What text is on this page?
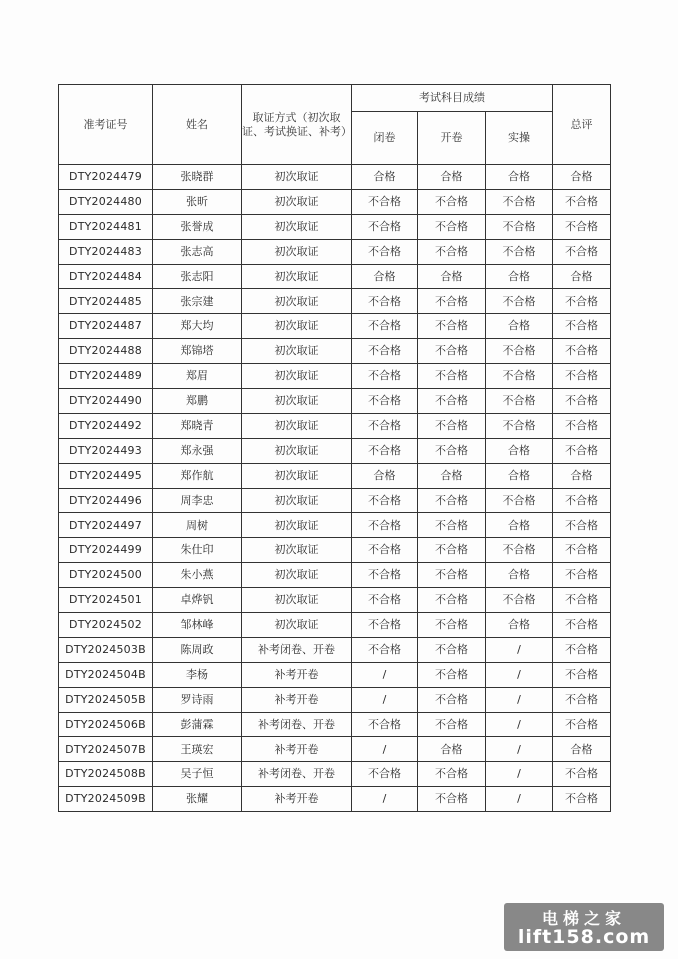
准考证号	姓名	取证方式（初次取证、考试换证、补考）	考试科目成绩			总评
			闭卷	开卷	实操	
DTY2024479	张晓群	初次取证	合格	合格	合格	合格
DTY2024480	张昕	初次取证	不合格	不合格	不合格	不合格
DTY2024481	张誉成	初次取证	不合格	不合格	不合格	不合格
DTY2024483	张志高	初次取证	不合格	不合格	不合格	不合格
DTY2024484	张志阳	初次取证	合格	合格	合格	合格
DTY2024485	张宗建	初次取证	不合格	不合格	不合格	不合格
DTY2024487	郑大均	初次取证	不合格	不合格	合格	不合格
DTY2024488	郑锦塔	初次取证	不合格	不合格	不合格	不合格
DTY2024489	郑眉	初次取证	不合格	不合格	不合格	不合格
DTY2024490	郑鹏	初次取证	不合格	不合格	不合格	不合格
DTY2024492	郑晓青	初次取证	不合格	不合格	不合格	不合格
DTY2024493	郑永强	初次取证	不合格	不合格	合格	不合格
DTY2024495	郑作航	初次取证	合格	合格	合格	合格
DTY2024496	周李忠	初次取证	不合格	不合格	不合格	不合格
DTY2024497	周树	初次取证	不合格	不合格	合格	不合格
DTY2024499	朱仕印	初次取证	不合格	不合格	不合格	不合格
DTY2024500	朱小燕	初次取证	不合格	不合格	合格	不合格
DTY2024501	卓烨钒	初次取证	不合格	不合格	不合格	不合格
DTY2024502	邹林峰	初次取证	不合格	不合格	合格	不合格
DTY2024503B	陈周政	补考闭卷、开卷	不合格	不合格	/	不合格
DTY2024504B	李杨	补考开卷	/	不合格	/	不合格
DTY2024505B	罗诗雨	补考开卷	/	不合格	/	不合格
DTY2024506B	彭蒲霖	补考闭卷、开卷	不合格	不合格	/	不合格
DTY2024507B	王瑛宏	补考开卷	/	合格	/	合格
DTY2024508B	吴子恒	补考闭卷、开卷	不合格	不合格	/	不合格
DTY2024509B	张耀	补考开卷	/	不合格	/	不合格
电梯之家
lift158.com
